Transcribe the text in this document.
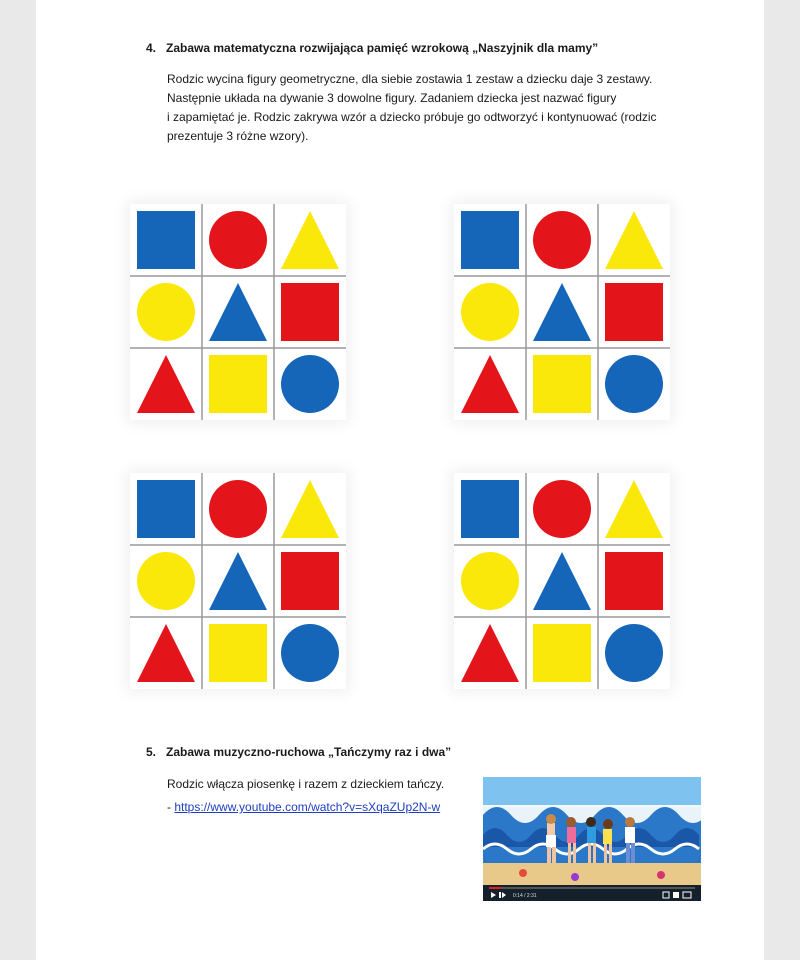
4. Zabawa matematyczna rozwijająca pamięć wzrokową „Naszyjnik dla mamy”

Rodzic wycina figury geometryczne, dla siebie zostawia 1 zestaw a dziecku daje 3 zestawy.

Następnie układa na dywanie 3 dowolne figury. Zadaniem dziecka jest nazwać figury

i zapamiętać je. Rodzic zakrywa wzór a dziecko próbuje go odtworzyć i kontynuować (rodzic

prezentuje 3 różne wzory).

5. Zabawa muzyczno-ruchowa „Tańczymy raz i dwa”

Rodzic włącza piosenkę i razem z dzieckiem tańczy.

- https://www.youtube.com/watch?v=sXqaZUp2N-w

0:14 / 2:31
